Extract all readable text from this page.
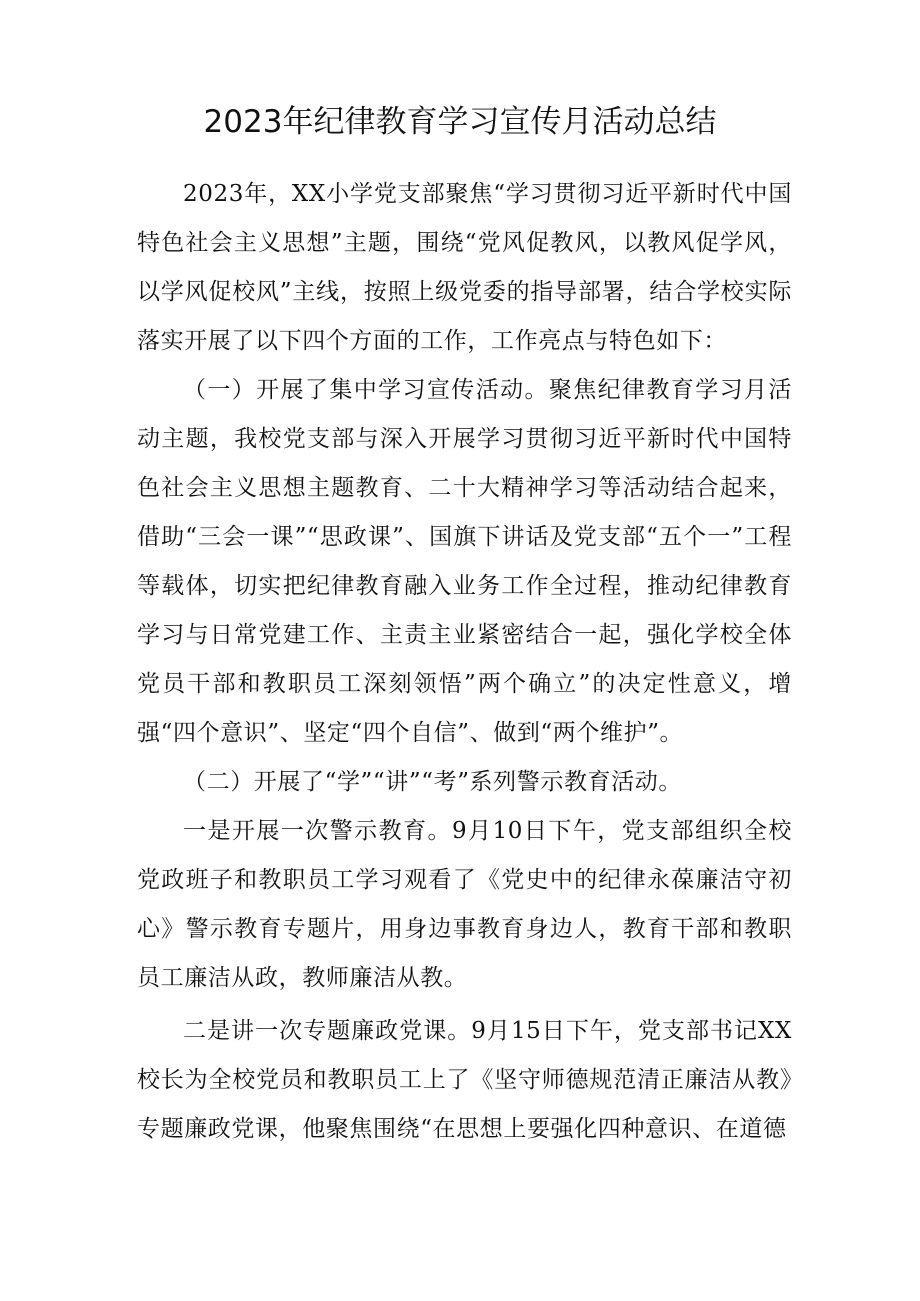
2023年纪律教育学习宣传月活动总结

2023年，XX小学党支部聚焦“学习贯彻习近平新时代中国特色社会主义思想”主题，围绕“党风促教风，以教风促学风，以学风促校风”主线，按照上级党委的指导部署，结合学校实际落实开展了以下四个方面的工作，工作亮点与特色如下：

（一）开展了集中学习宣传活动。聚焦纪律教育学习月活动主题，我校党支部与深入开展学习贯彻习近平新时代中国特色社会主义思想主题教育、二十大精神学习等活动结合起来，借助“三会一课”“思政课”、国旗下讲话及党支部“五个一”工程等载体，切实把纪律教育融入业务工作全过程，推动纪律教育学习与日常党建工作、主责主业紧密结合一起，强化学校全体党员干部和教职员工深刻领悟”两个确立”的决定性意义，增强“四个意识”、坚定“四个自信”、做到“两个维护”。

（二）开展了“学”“讲”“考”系列警示教育活动。

一是开展一次警示教育。9月10日下午，党支部组织全校党政班子和教职员工学习观看了《党史中的纪律永葆廉洁守初心》警示教育专题片，用身边事教育身边人，教育干部和教职员工廉洁从政，教师廉洁从教。

二是讲一次专题廉政党课。9月15日下午，党支部书记XX校长为全校党员和教职员工上了《坚守师德规范清正廉洁从教》专题廉政党课，他聚焦围绕“在思想上要强化四种意识、在道德
